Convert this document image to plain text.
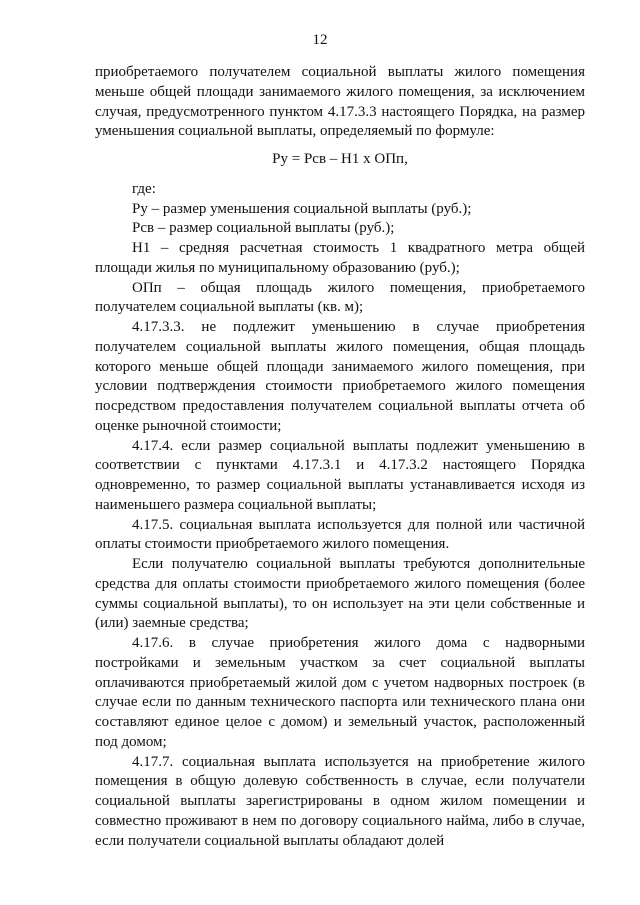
12

приобретаемого получателем социальной выплаты жилого помещения меньше общей площади занимаемого жилого помещения, за исключением случая, предусмотренного пунктом 4.17.3.3 настоящего Порядка, на размер уменьшения социальной выплаты, определяемый по формуле:

Ру = Рсв – Н1 х ОПп,

где:

Ру – размер уменьшения социальной выплаты (руб.);

Рсв – размер социальной выплаты (руб.);

Н1 – средняя расчетная стоимость 1 квадратного метра общей площади жилья по муниципальному образованию (руб.);

ОПп – общая площадь жилого помещения, приобретаемого получателем социальной выплаты (кв. м);

4.17.3.3. не подлежит уменьшению в случае приобретения получателем социальной выплаты жилого помещения, общая площадь которого меньше общей площади занимаемого жилого помещения, при условии подтверждения стоимости приобретаемого жилого помещения посредством предоставления получателем социальной выплаты отчета об оценке рыночной стоимости;

4.17.4. если размер социальной выплаты подлежит уменьшению в соответствии с пунктами 4.17.3.1 и 4.17.3.2 настоящего Порядка одновременно, то размер социальной выплаты устанавливается исходя из наименьшего размера социальной выплаты;

4.17.5. социальная выплата используется для полной или частичной оплаты стоимости приобретаемого жилого помещения.

Если получателю социальной выплаты требуются дополнительные средства для оплаты стоимости приобретаемого жилого помещения (более суммы социальной выплаты), то он использует на эти цели собственные и (или) заемные средства;

4.17.6. в случае приобретения жилого дома с надворными постройками и земельным участком за счет социальной выплаты оплачиваются приобретаемый жилой дом с учетом надворных построек (в случае если по данным технического паспорта или технического плана они составляют единое целое с домом) и земельный участок, расположенный под домом;

4.17.7. социальная выплата используется на приобретение жилого помещения в общую долевую собственность в случае, если получатели социальной выплаты зарегистрированы в одном жилом помещении и совместно проживают в нем по договору социального найма, либо в случае, если получатели социальной выплаты обладают долей
